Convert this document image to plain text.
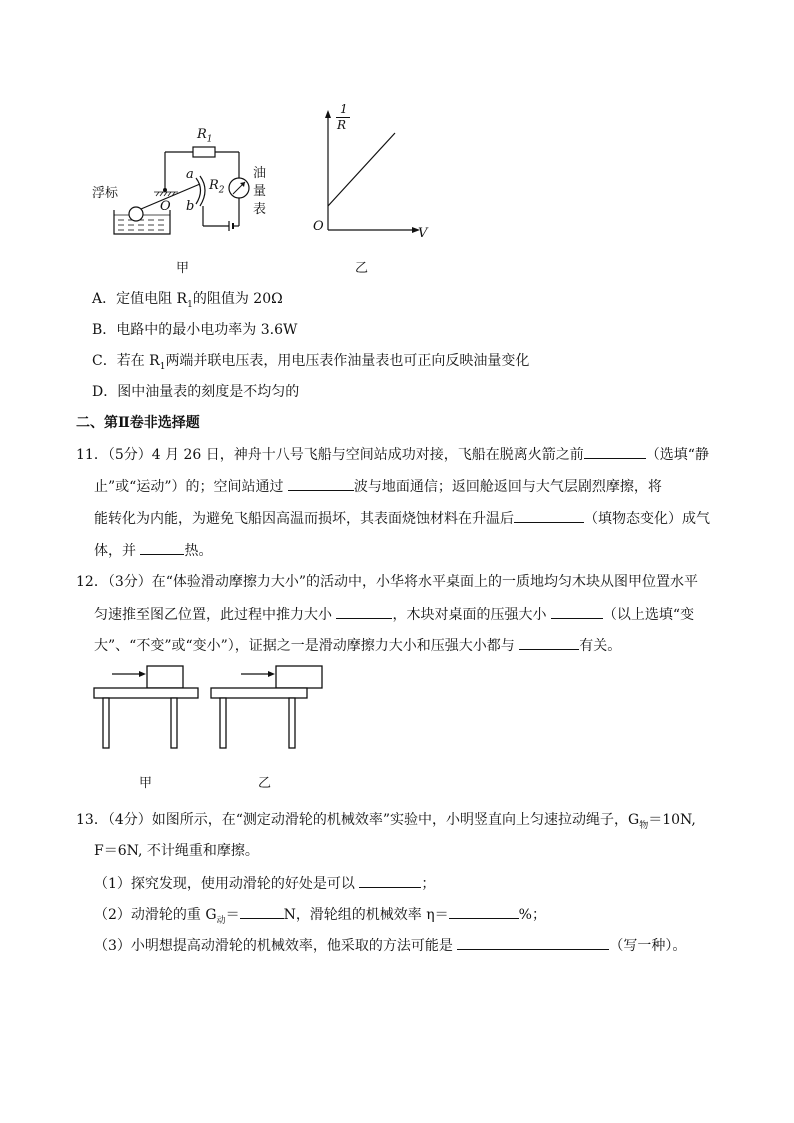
浮标
$R_1$
$R_2$
a
b
O
油
量
表
甲
1
R
V
O
乙
A．定值电阻 $R_1$的阻值为 20Ω
B．电路中的最小电功率为 3.6W
C．若在 $R_1$两端并联电压表，用电压表作油量表也可正向反映油量变化
D．图中油量表的刻度是不均匀的
二、第Ⅱ卷非选择题
11．（5分）4 月 26 日，神舟十八号飞船与空间站成功对接，飞船在脱离火箭之前	（选填“静
止”或“运动”）的；空间站通过	波与地面通信；返回舱返回与大气层剧烈摩擦，将
能转化为内能，为避免飞船因高温而损坏，其表面烧蚀材料在升温后	（填物态变化）成气
体，并	热。
12．（3分）在“体验滑动摩擦力大小”的活动中，小华将水平桌面上的一质地均匀木块从图甲位置水平
匀速推至图乙位置，此过程中推力大小	，木块对桌面的压强大小	（以上选填“变
大”、“不变”或“变小”），证据之一是滑动摩擦力大小和压强大小都与	有关。
甲	乙
13．（4分）如图所示，在“测定动滑轮的机械效率”实验中，小明竖直向上匀速拉动绳子，$G_物=10N$,
F＝6N, 不计绳重和摩擦。
（1）探究发现，使用动滑轮的好处是可以	；
（2）动滑轮的重 $G_动=$	N，滑轮组的机械效率 η＝	%；
（3）小明想提高动滑轮的机械效率，他采取的方法可能是	（写一种）。
